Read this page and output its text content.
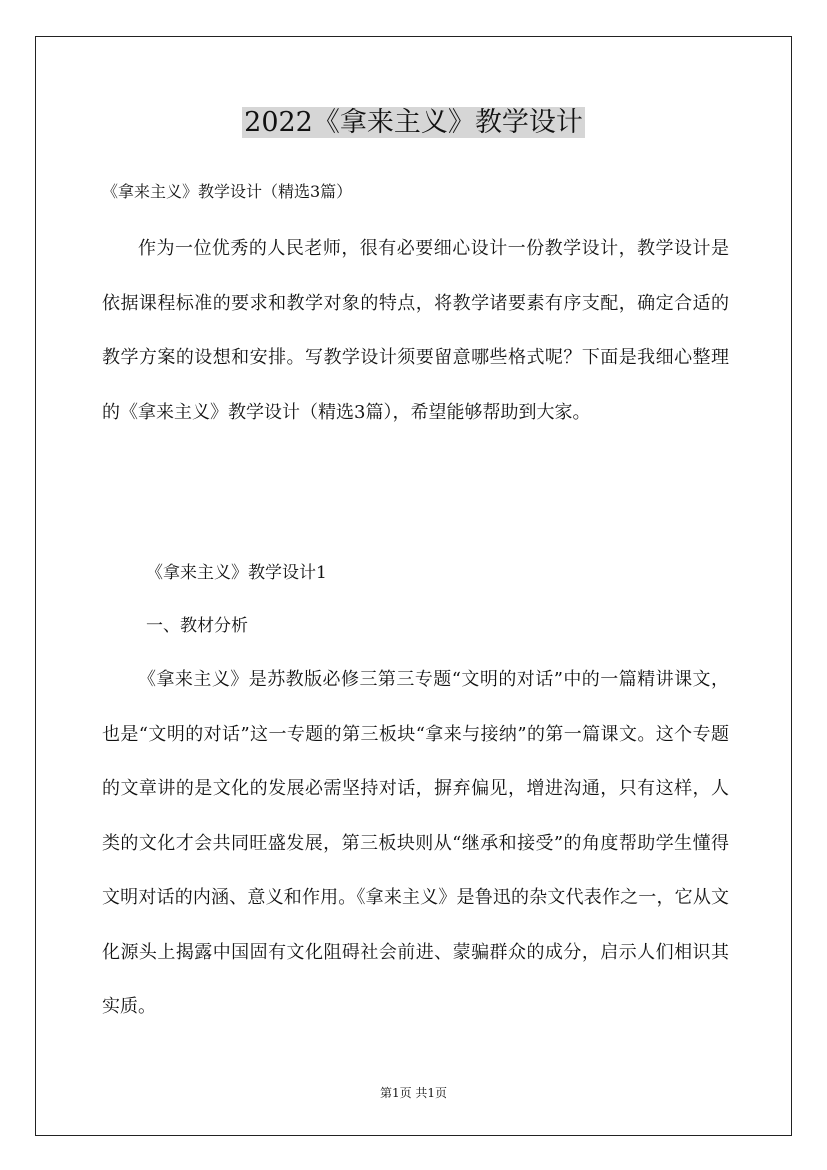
2022《拿来主义》教学设计

《拿来主义》教学设计（精选3篇）

作为一位优秀的人民老师，很有必要细心设计一份教学设计，教学设计是依据课程标准的要求和教学对象的特点，将教学诸要素有序支配，确定合适的教学方案的设想和安排。写教学设计须要留意哪些格式呢？下面是我细心整理的《拿来主义》教学设计（精选3篇），希望能够帮助到大家。

《拿来主义》教学设计1

一、教材分析

《拿来主义》是苏教版必修三第三专题“文明的对话”中的一篇精讲课文，也是“文明的对话”这一专题的第三板块“拿来与接纳”的第一篇课文。这个专题的文章讲的是文化的发展必需坚持对话，摒弃偏见，增进沟通，只有这样，人类的文化才会共同旺盛发展，第三板块则从“继承和接受”的角度帮助学生懂得文明对话的内涵、意义和作用。《拿来主义》是鲁迅的杂文代表作之一，它从文化源头上揭露中国固有文化阻碍社会前进、蒙骗群众的成分，启示人们相识其实质。

第1页 共1页
